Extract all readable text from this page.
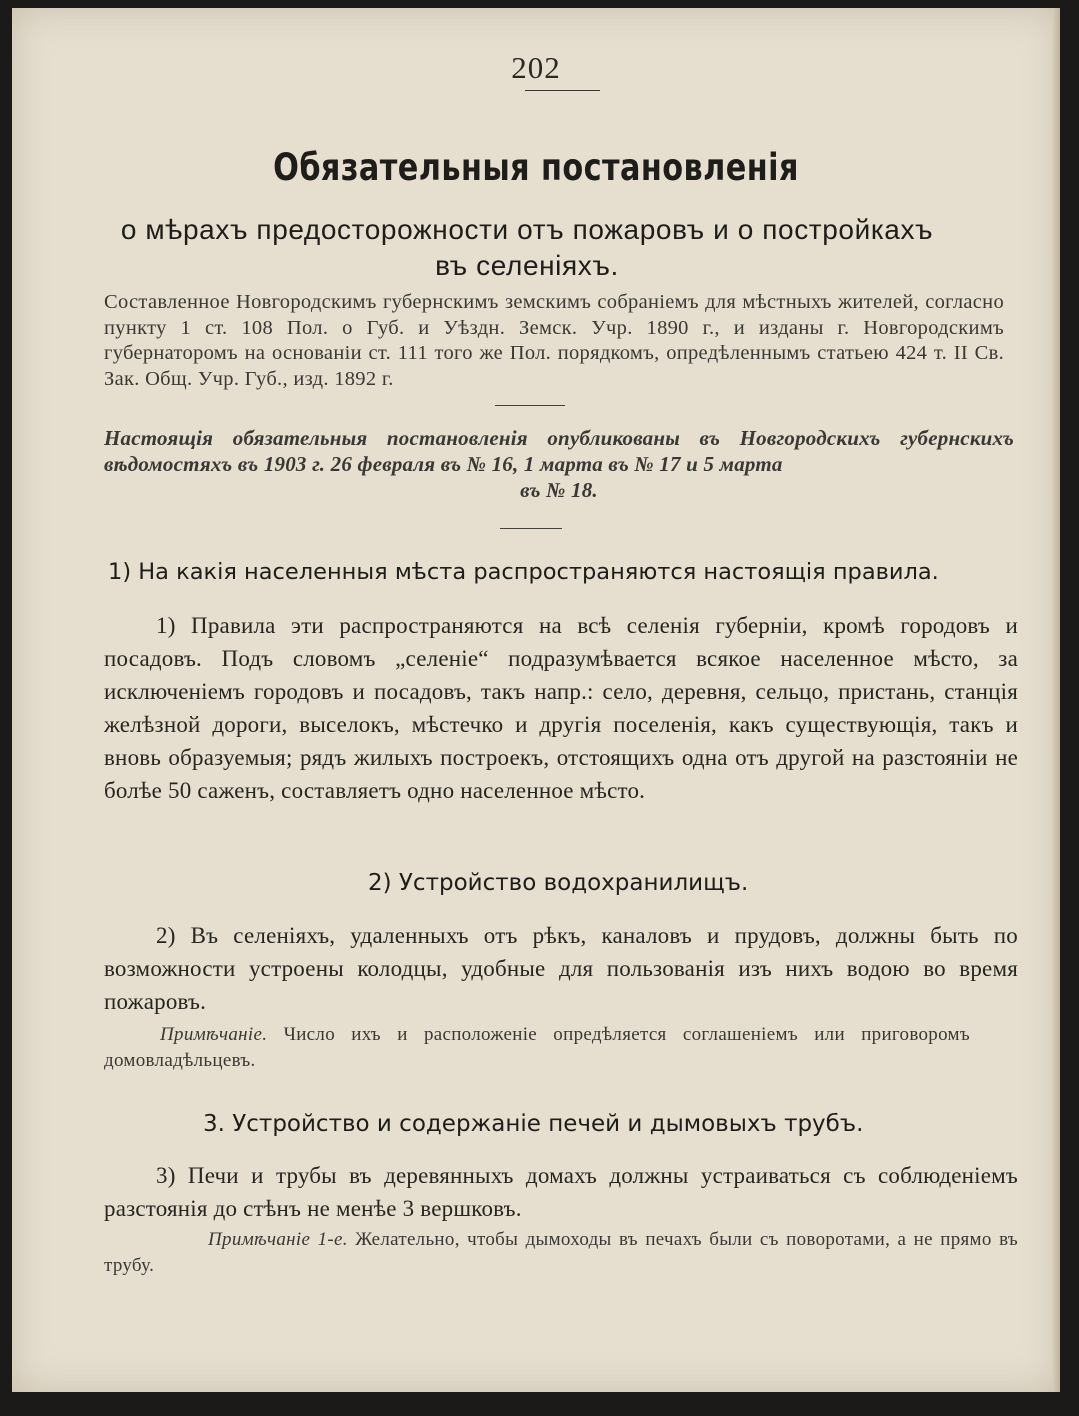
202
Обязательныя постановленія
о мѣрахъ предосторожности отъ пожаровъ и о постройкахъ въ селеніяхъ.
Составленное Новгородскимъ губернскимъ земскимъ собраніемъ для мѣстныхъ жителей, согласно пункту 1 ст. 108 Пол. о Губ. и Уѣздн. Земск. Учр. 1890 г., и изданы г. Новгородскимъ губернаторомъ на основаніи ст. 111 того же Пол. порядкомъ, опредѣленнымъ статьею 424 т. II Св. Зак. Общ. Учр. Губ., изд. 1892 г.
Настоящія обязательныя постановленія опубликованы въ Новгородскихъ губернскихъ вѣдомостяхъ въ 1903 г. 26 февраля въ № 16, 1 марта въ № 17 и 5 марта
въ № 18.
1) На какія населенныя мѣста распространяются настоящія правила.
1) Правила эти распространяются на всѣ селенія губерніи, кромѣ городовъ и посадовъ. Подъ словомъ „селеніе“ подразумѣвается всякое населенное мѣсто, за исключеніемъ городовъ и посадовъ, такъ напр.: село, деревня, сельцо, пристань, станція желѣзной дороги, выселокъ, мѣстечко и другія поселенія, какъ существующія, такъ и вновь образуемыя; рядъ жилыхъ построекъ, отстоящихъ одна отъ другой на разстояніи не болѣе 50 саженъ, составляетъ одно населенное мѣсто.
2) Устройство водохранилищъ.
2) Въ селеніяхъ, удаленныхъ отъ рѣкъ, каналовъ и прудовъ, должны быть по возможности устроены колодцы, удобные для пользованія изъ нихъ водою во время пожаровъ.
Примѣчаніе. Число ихъ и расположеніе опредѣляется соглашеніемъ или приговоромъ домовладѣльцевъ.
3. Устройство и содержаніе печей и дымовыхъ трубъ.
3) Печи и трубы въ деревянныхъ домахъ должны устраиваться съ соблюденіемъ разстоянія до стѣнъ не менѣе 3 вершковъ.
Примѣчаніе 1-е. Желательно, чтобы дымоходы въ печахъ были съ поворотами, а не прямо въ трубу.
